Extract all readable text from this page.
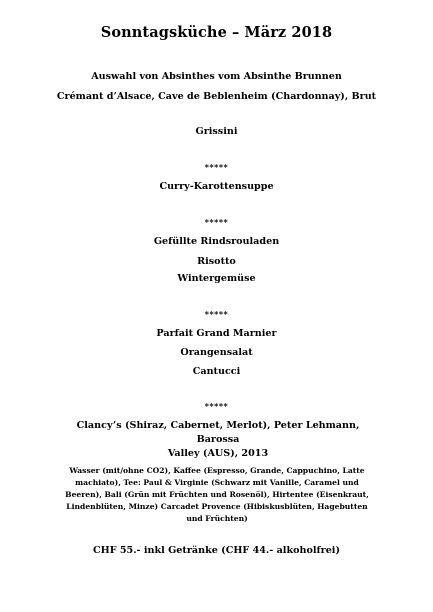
Sonntagsküche – März 2018
Auswahl von Absinthes vom Absinthe Brunnen
Crémant d’Alsace, Cave de Beblenheim (Chardonnay), Brut
Grissini
*****
Curry-Karottensuppe
*****
Gefüllte Rindsrouladen
Risotto
Wintergemüse
*****
Parfait Grand Marnier
Orangensalat
Cantucci
*****
Clancy’s (Shiraz, Cabernet, Merlot), Peter Lehmann, Barossa
Valley (AUS), 2013
Wasser (mit/ohne CO2), Kaffee (Espresso, Grande, Cappuchino, Latte
machiato), Tee: Paul & Virginie (Schwarz mit Vanille, Caramel und
Beeren), Bali (Grün mit Früchten und Rosenöl), Hirtentee (Eisenkraut,
Lindenblüten, Minze) Carcadet Provence (Hibiskusblüten, Hagebutten
und Früchten)
CHF 55.- inkl Getränke (CHF 44.- alkoholfrei)
